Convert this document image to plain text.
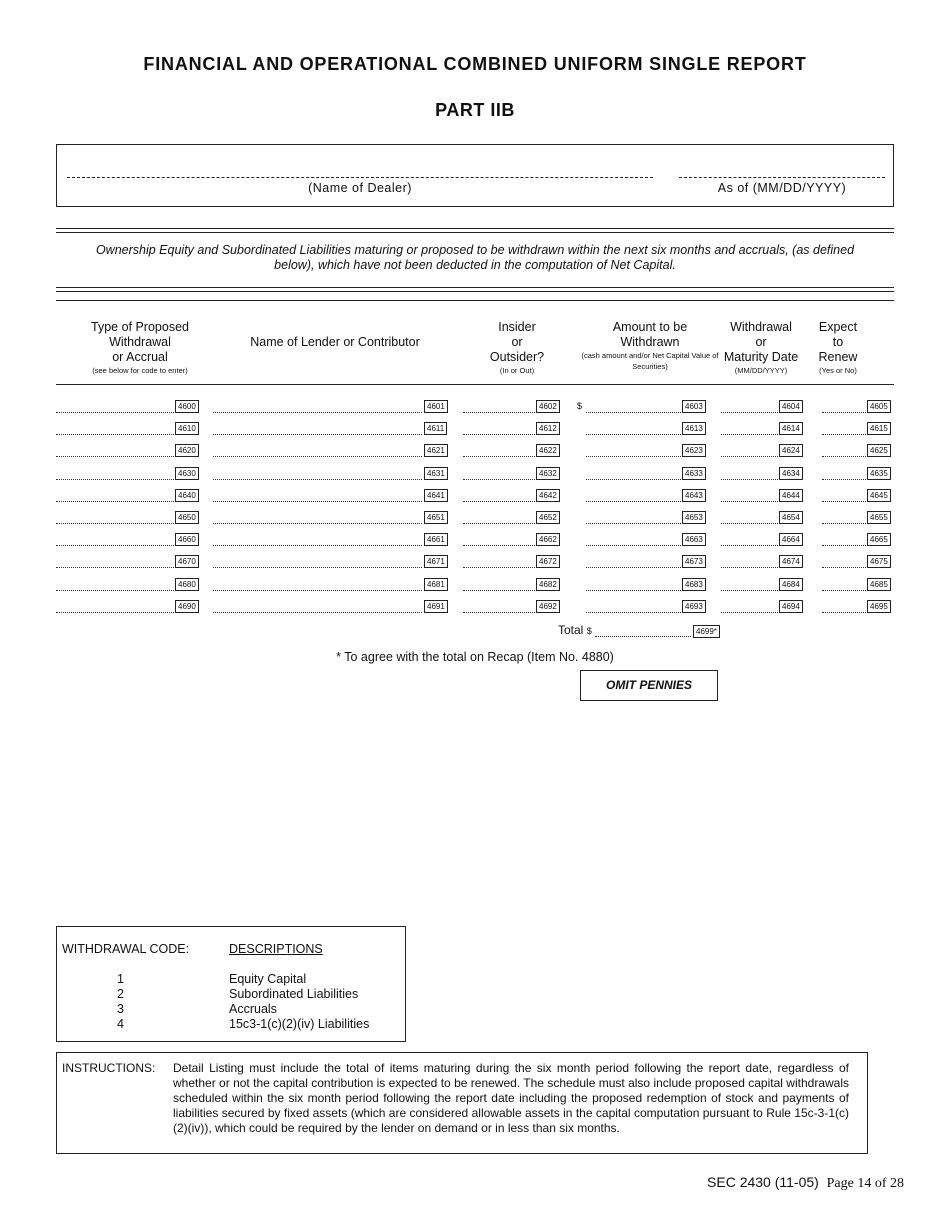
FINANCIAL AND OPERATIONAL COMBINED UNIFORM SINGLE REPORT
PART IIB
(Name of Dealer)	As of (MM/DD/YYYY)
Ownership Equity and Subordinated Liabilities maturing or proposed to be withdrawn within the next six months and accruals, (as defined below), which have not been deducted in the computation of Net Capital.
Type of Proposed
Withdrawal
or Accrual
(see below for code to enter)
Name of Lender or Contributor
Insider
or
Outsider?
(In or Out)
Amount to be
Withdrawn
(cash amount and/or Net Capital Value of Securities)
Withdrawal
or
Maturity Date
(MM/DD/YYYY)
Expect
to
Renew
(Yes or No)
4600	4601	4602	4603	4604	4605
$
4610	4611	4612	4613	4614	4615
4620	4621	4622	4623	4624	4625
4630	4631	4632	4633	4634	4635
4640	4641	4642	4643	4644	4645
4650	4651	4652	4653	4654	4655
4660	4661	4662	4663	4664	4665
4670	4671	4672	4673	4674	4675
4680	4681	4682	4683	4684	4685
4690	4691	4692	4693	4694	4695
Total $	4699*
* To agree with the total on Recap (Item No. 4880)
OMIT PENNIES
WITHDRAWAL CODE:	DESCRIPTIONS
1	Equity Capital
2	Subordinated Liabilities
3	Accruals
4	15c3-1(c)(2)(iv) Liabilities
INSTRUCTIONS: Detail Listing must include the total of items maturing during the six month period following the report date, regardless of whether or not the capital contribution is expected to be renewed. The schedule must also include proposed capital withdrawals scheduled within the six month period following the report date including the proposed redemption of stock and payments of liabilities secured by fixed assets (which are considered allowable assets in the capital computation pursuant to Rule 15c-3-1(c)(2)(iv)), which could be required by the lender on demand or in less than six months.
SEC 2430 (11-05) Page 14 of 28
